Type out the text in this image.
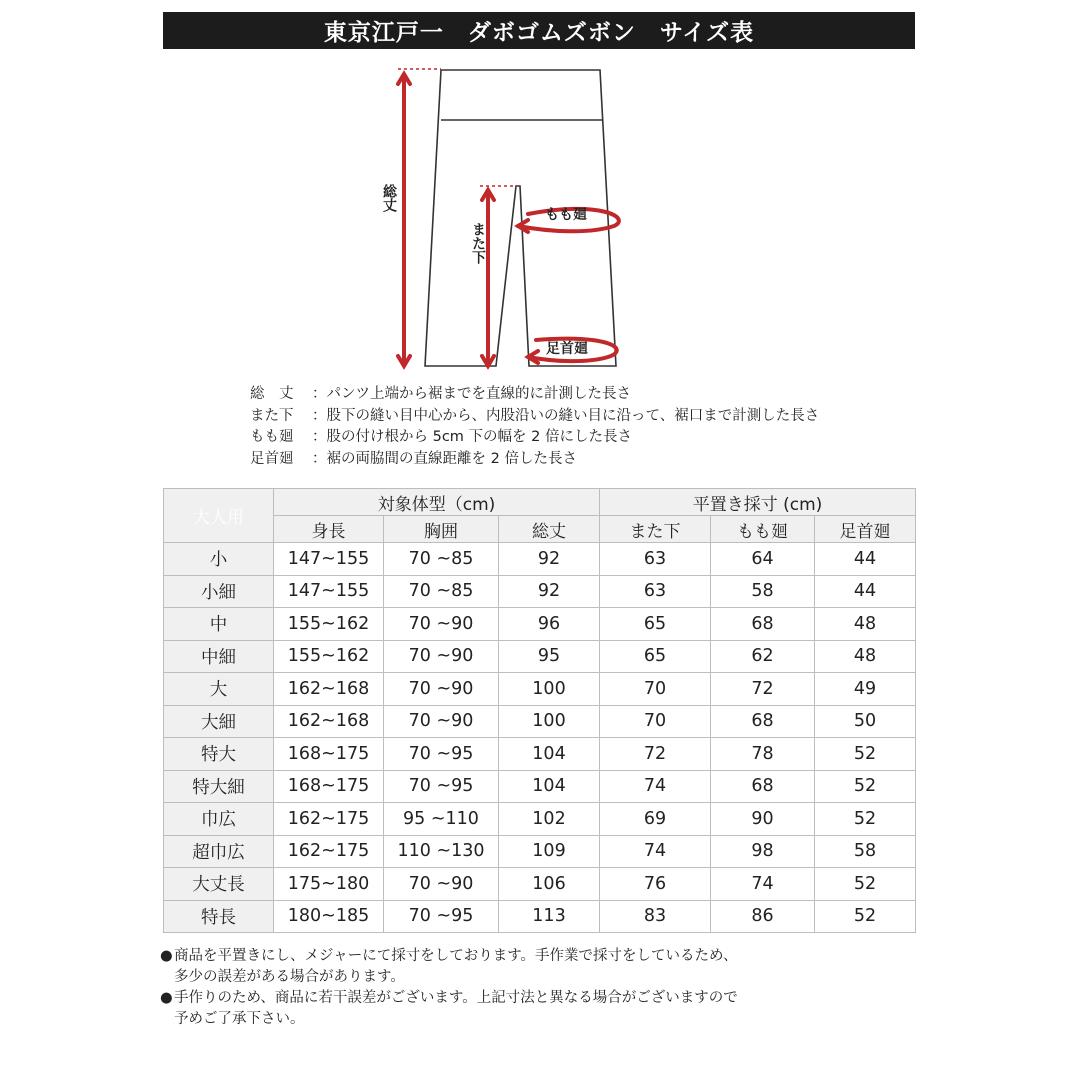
東京江戸一　ダボゴムズボン　サイズ表
総丈
また下
もも廻
足首廻
総　丈	：パンツ上端から裾までを直線的に計測した長さ
また下	：股下の縫い目中心から、内股沿いの縫い目に沿って、裾口まで計測した長さ
もも廻	：股の付け根から 5cm 下の幅を 2 倍にした長さ
足首廻	：裾の両脇間の直線距離を 2 倍した長さ
大人用	対象体型（cm)			平置き採寸 (cm)		
	身長	胸囲	総丈	また下	もも廻	足首廻
小	147~155	70 ~85	92	63	64	44
小細	147~155	70 ~85	92	63	58	44
中	155~162	70 ~90	96	65	68	48
中細	155~162	70 ~90	95	65	62	48
大	162~168	70 ~90	100	70	72	49
大細	162~168	70 ~90	100	70	68	50
特大	168~175	70 ~95	104	72	78	52
特大細	168~175	70 ~95	104	74	68	52
巾広	162~175	95 ~110	102	69	90	52
超巾広	162~175	110 ~130	109	74	98	58
大丈長	175~180	70 ~90	106	76	74	52
特長	180~185	70 ~95	113	83	86	52
● 商品を平置きにし、メジャーにて採寸をしております。手作業で採寸をしているため、
多少の誤差がある場合があります。
● 手作りのため、商品に若干誤差がございます。上記寸法と異なる場合がございますので
予めご了承下さい。
